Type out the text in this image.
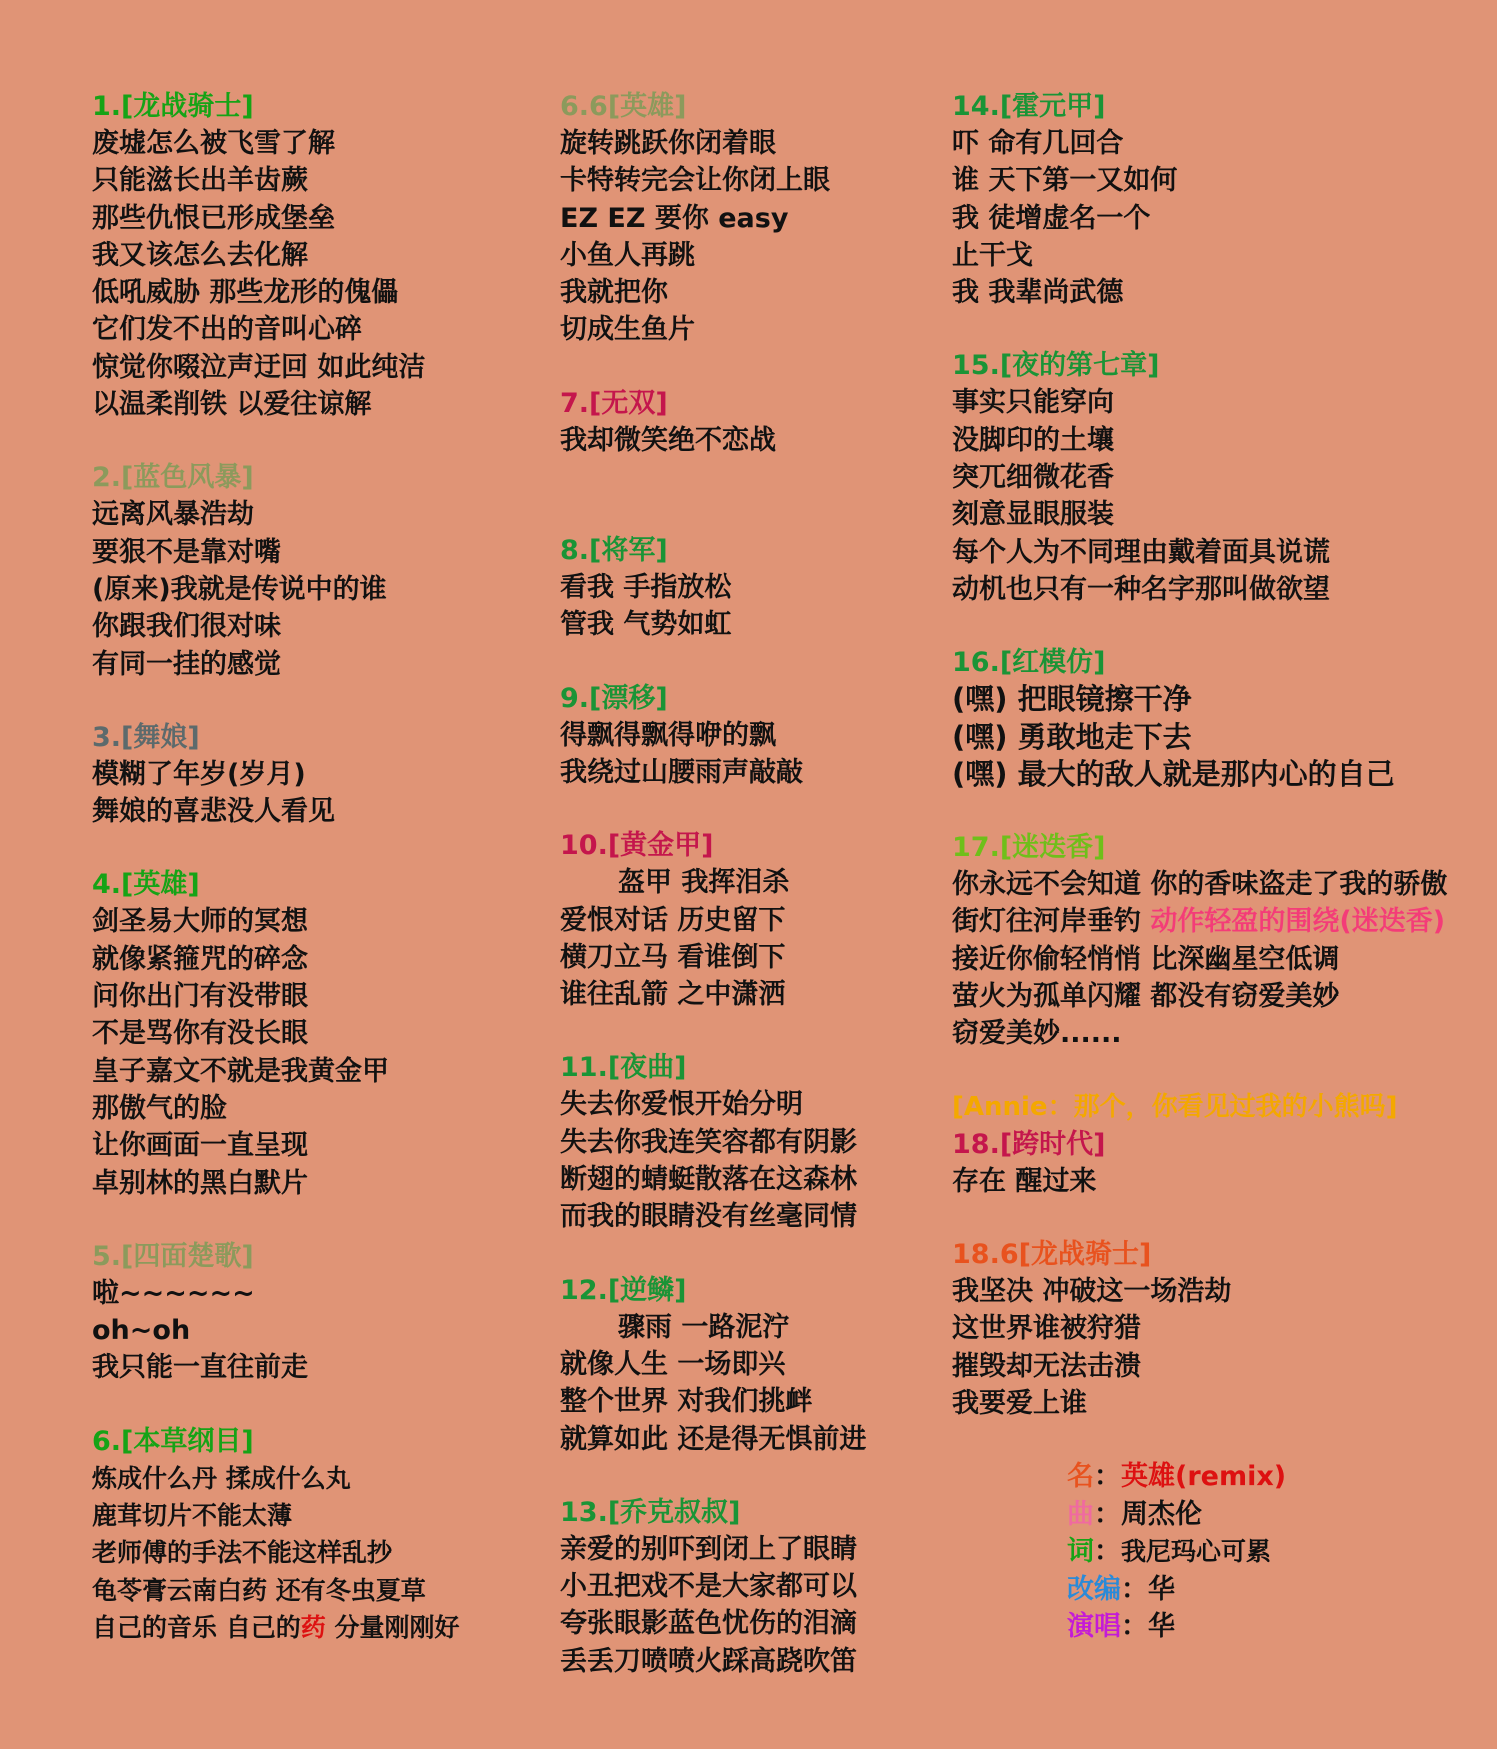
1.[龙战骑士]

废墟怎么被飞雪了解

只能滋长出羊齿蕨

那些仇恨已形成堡垒

我又该怎么去化解

低吼威胁 那些龙形的傀儡

它们发不出的音叫心碎

惊觉你啜泣声迂回 如此纯洁

以温柔削铁 以爱往谅解

2.[蓝色风暴]

远离风暴浩劫

要狠不是靠对嘴

(原来)我就是传说中的谁

你跟我们很对味

有同一挂的感觉

3.[舞娘]

模糊了年岁(岁月)

舞娘的喜悲没人看见

4.[英雄]

剑圣易大师的冥想

就像紧箍咒的碎念

问你出门有没带眼

不是骂你有没长眼

皇子嘉文不就是我黄金甲

那傲气的脸

让你画面一直呈现

卓别林的黑白默片

5.[四面楚歌]

啦~~~~~~

oh~oh

我只能一直往前走

6.[本草纲目]

炼成什么丹 揉成什么丸

鹿茸切片不能太薄

老师傅的手法不能这样乱抄

龟苓膏云南白药 还有冬虫夏草

自己的音乐 自己的药 分量刚刚好

6.6[英雄]

旋转跳跃你闭着眼

卡特转完会让你闭上眼

EZ EZ 要你 easy

小鱼人再跳

我就把你

切成生鱼片

7.[无双]

我却微笑绝不恋战

8.[将军]

看我 手指放松

管我 气势如虹

9.[漂移]

得飘得飘得咿的飘

我绕过山腰雨声敲敲

10.[黄金甲]

盔甲 我挥泪杀

爱恨对话 历史留下

横刀立马 看谁倒下

谁往乱箭 之中潇洒

11.[夜曲]

失去你爱恨开始分明

失去你我连笑容都有阴影

断翅的蜻蜓散落在这森林

而我的眼睛没有丝毫同情

12.[逆鳞]

骤雨 一路泥泞

就像人生 一场即兴

整个世界 对我们挑衅

就算如此 还是得无惧前进

13.[乔克叔叔]

亲爱的别吓到闭上了眼睛

小丑把戏不是大家都可以

夸张眼影蓝色忧伤的泪滴

丢丢刀喷喷火踩高跷吹笛

14.[霍元甲]

吓 命有几回合

谁 天下第一又如何

我 徒增虚名一个

止干戈

我 我辈尚武德

15.[夜的第七章]

事实只能穿向

没脚印的土壤

突兀细微花香

刻意显眼服装

每个人为不同理由戴着面具说谎

动机也只有一种名字那叫做欲望

16.[红模仿]

(嘿) 把眼镜擦干净

(嘿) 勇敢地走下去

(嘿) 最大的敌人就是那内心的自己

17.[迷迭香]

你永远不会知道 你的香味盗走了我的骄傲

街灯往河岸垂钓 动作轻盈的围绕(迷迭香)

接近你偷轻悄悄 比深幽星空低调

萤火为孤单闪耀 都没有窃爱美妙

窃爱美妙......

[Annie：那个，你看见过我的小熊吗]

18.[跨时代]

存在 醒过来

18.6[龙战骑士]

我坚决 冲破这一场浩劫

这世界谁被狩猎

摧毁却无法击溃

我要爱上谁

名：英雄(remix)

曲：周杰伦

词：我尼玛心可累

改编：华

演唱：华
